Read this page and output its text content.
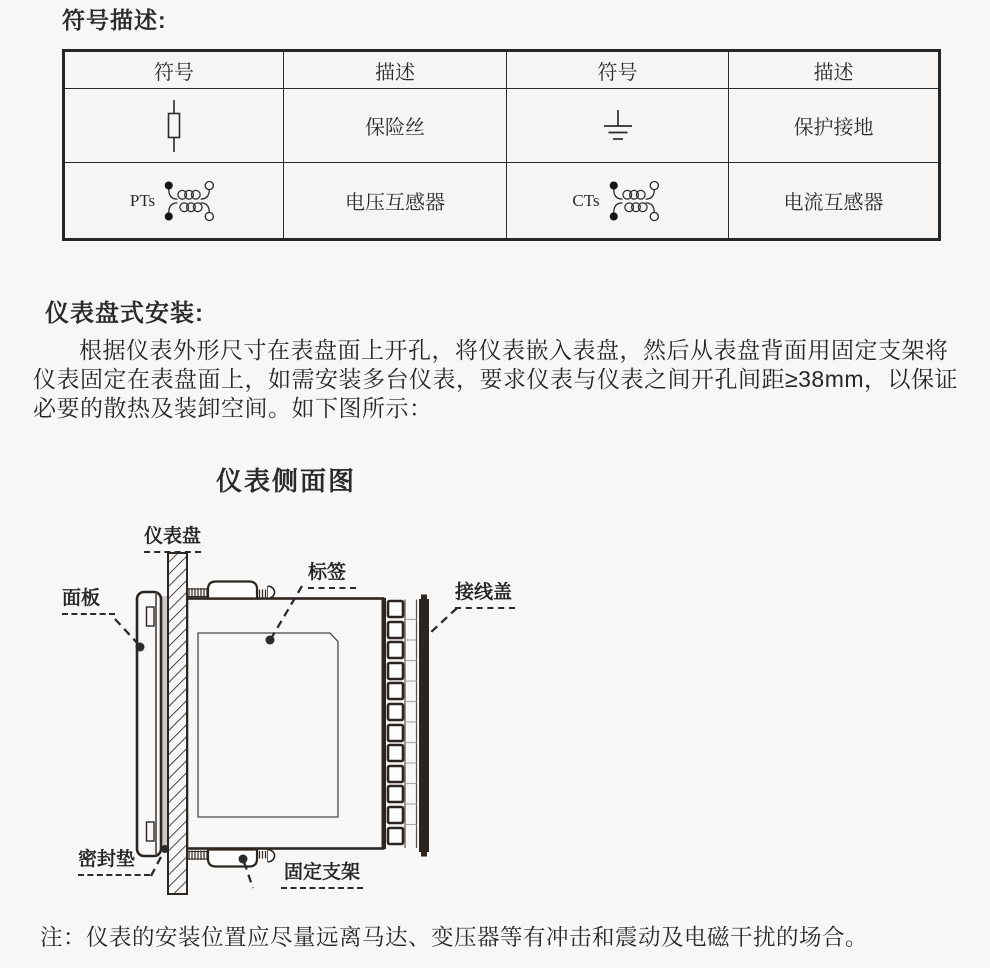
符号描述:
符号	描述	符号	描述

	保险丝		保护接地

PTs	电压互感器	CTs	电流互感器
仪表盘式安装:
根据仪表外形尺寸在表盘面上开孔，将仪表嵌入表盘，然后从表盘背面用固定支架将仪表固定在表盘面上，如需安装多台仪表，要求仪表与仪表之间开孔间距≥38mm，以保证必要的散热及装卸空间。如下图所示：
仪表侧面图
仪表盘
面板
标签
接线盖
密封垫
固定支架
注：仪表的安装位置应尽量远离马达、变压器等有冲击和震动及电磁干扰的场合。
